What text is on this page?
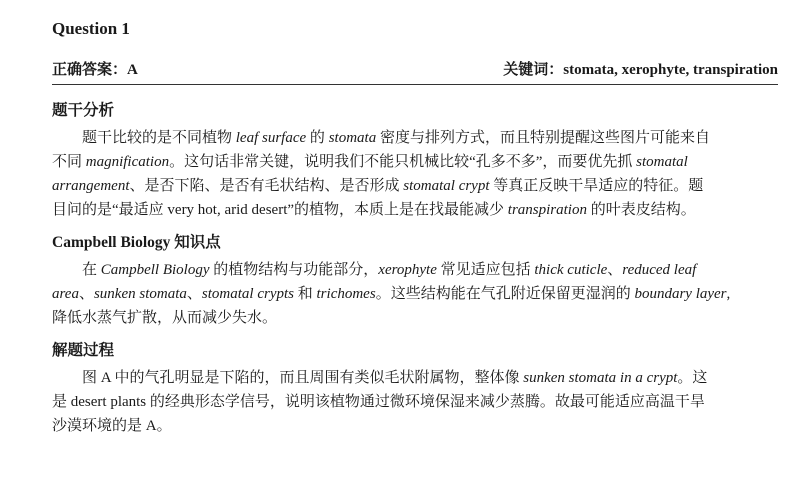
Question 1
正确答案：A	关键词：stomata, xerophyte, transpiration
题干分析
题干比较的是不同植物 leaf surface 的 stomata 密度与排列方式，而且特别提醒这些图片可能来自
不同 magnification。这句话非常关键，说明我们不能只机械比较“孔多不多”，而要优先抓 stomatal
arrangement、是否下陷、是否有毛状结构、是否形成 stomatal crypt 等真正反映干旱适应的特征。题
目问的是“最适应 very hot, arid desert”的植物，本质上是在找最能减少 transpiration 的叶表皮结构。
Campbell Biology 知识点
在 Campbell Biology 的植物结构与功能部分，xerophyte 常见适应包括 thick cuticle、reduced leaf
area、sunken stomata、stomatal crypts 和 trichomes。这些结构能在气孔附近保留更湿润的 boundary layer,
降低水蒸气扩散，从而减少失水。
解题过程
图 A 中的气孔明显是下陷的，而且周围有类似毛状附属物，整体像 sunken stomata in a crypt。这
是 desert plants 的经典形态学信号，说明该植物通过微环境保湿来减少蒸腾。故最可能适应高温干旱
沙漠环境的是 A。
